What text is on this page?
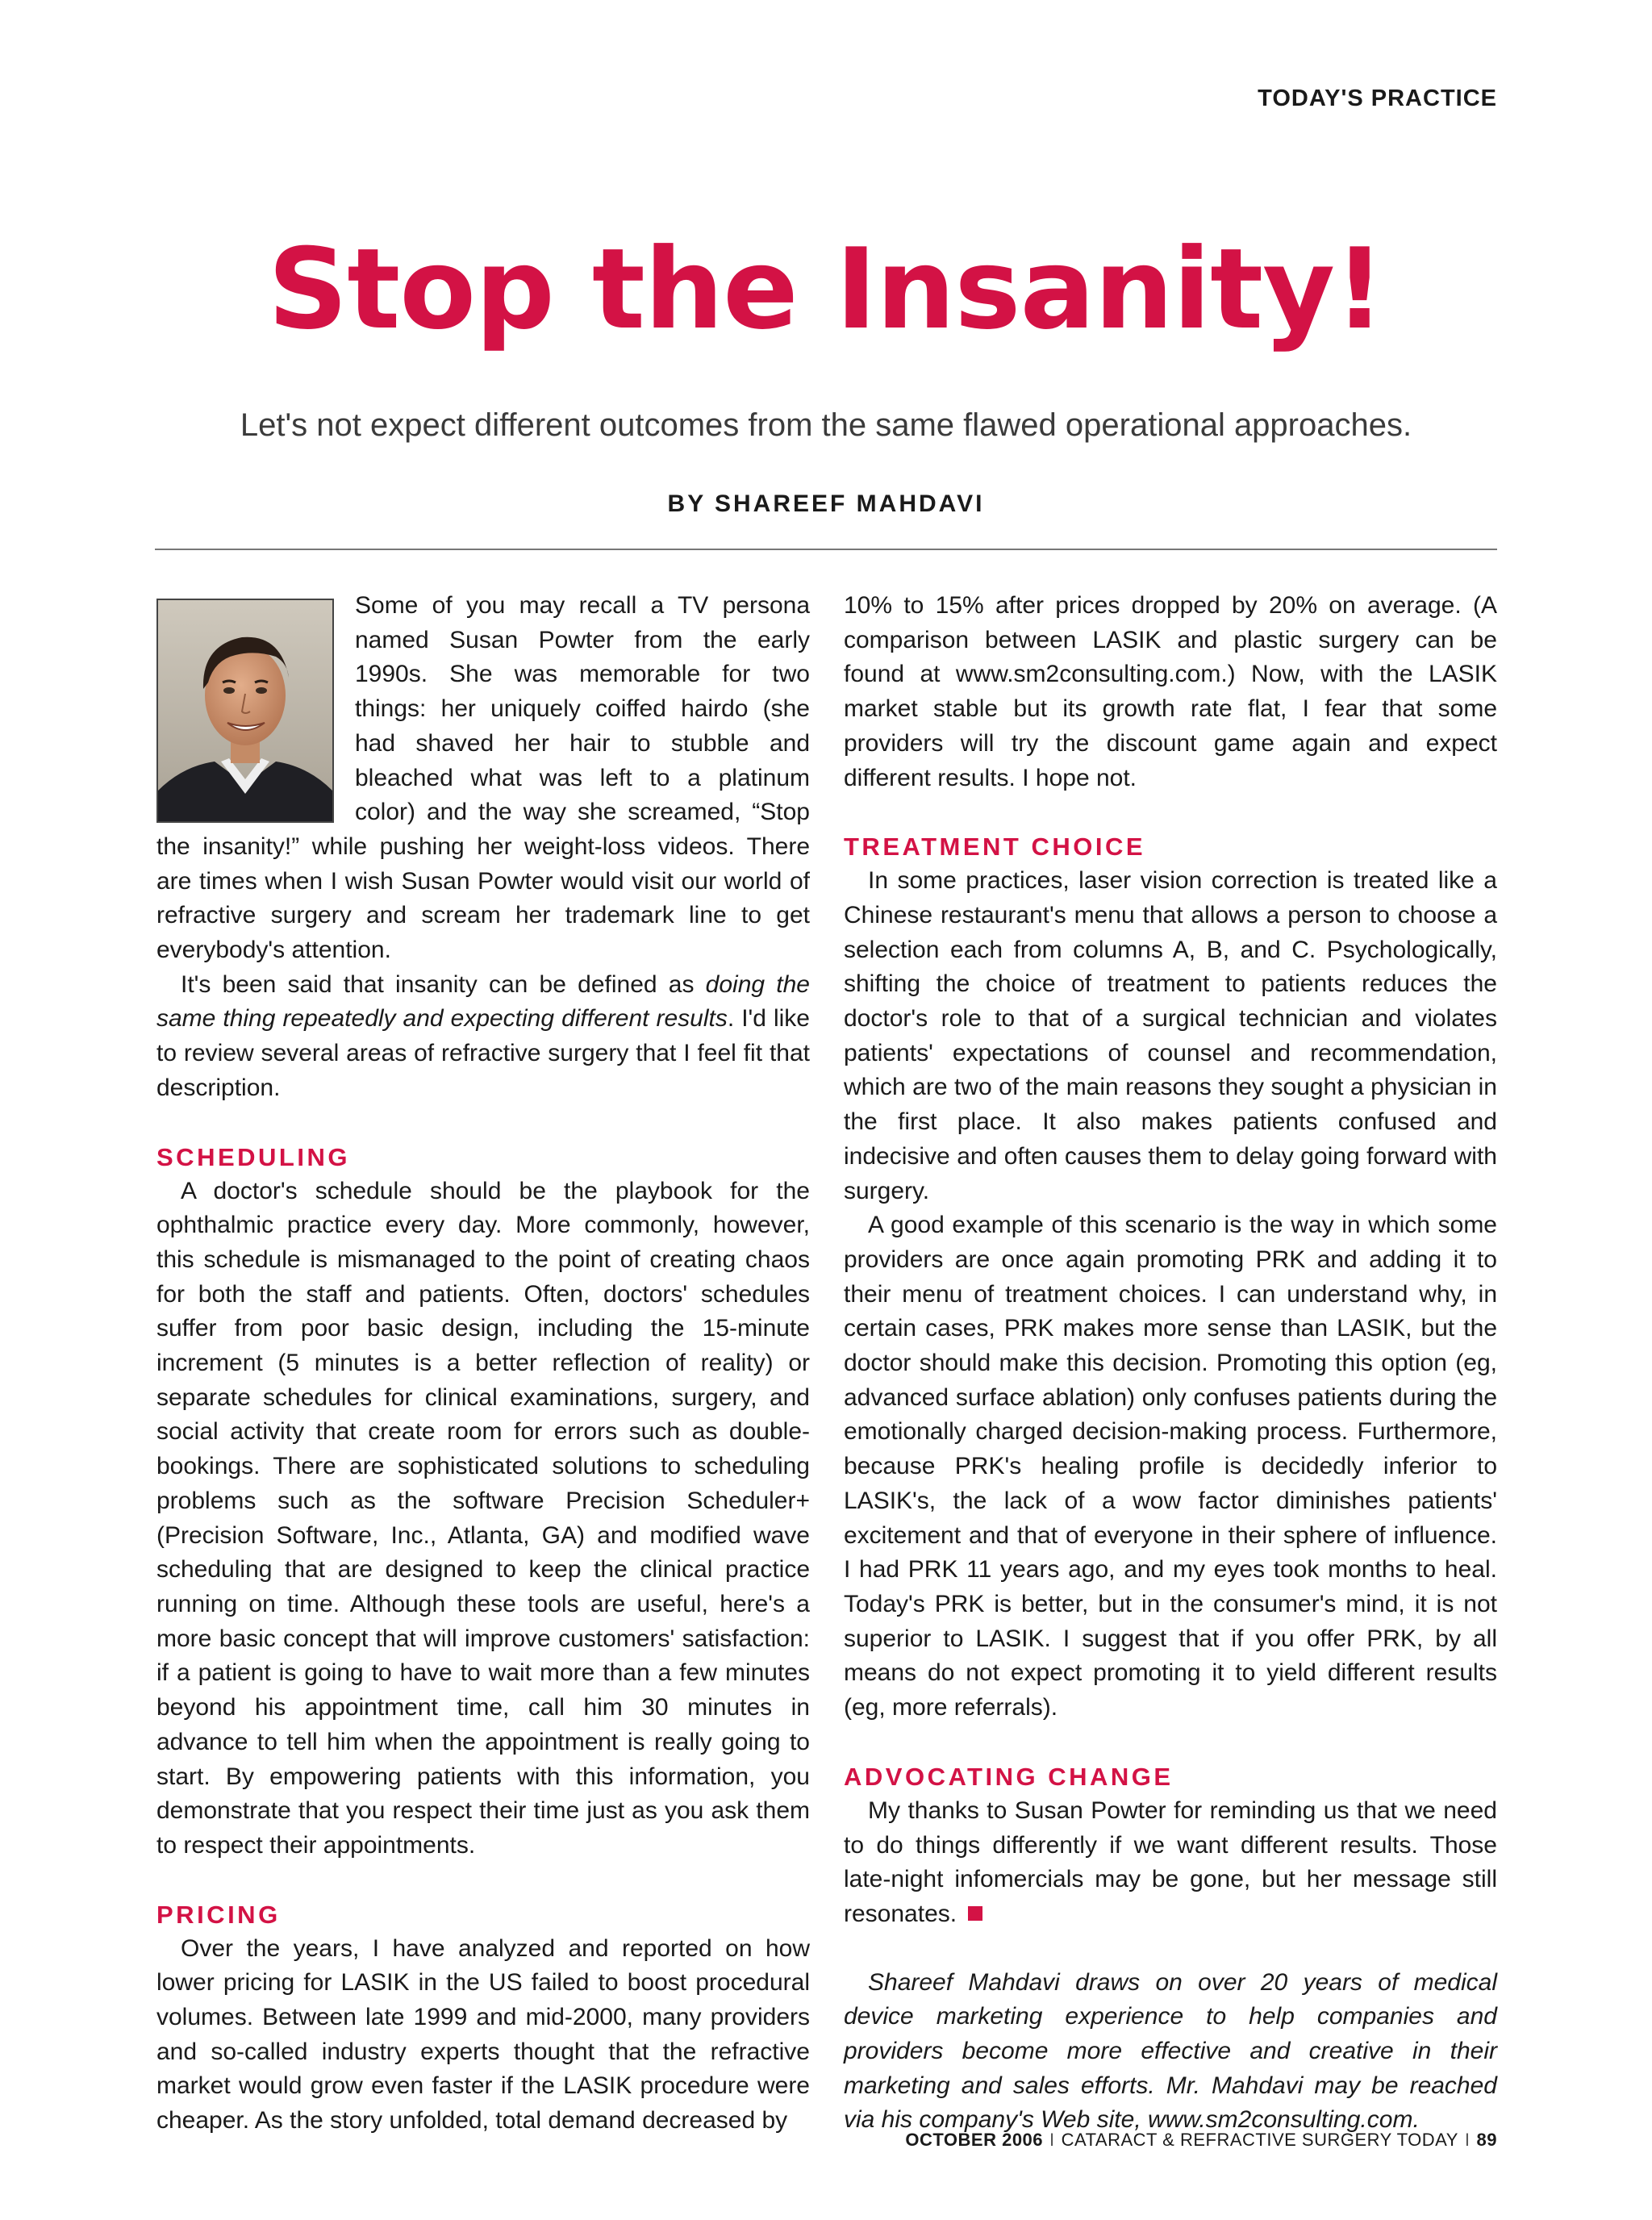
TODAY'S PRACTICE
Stop the Insanity!
Let's not expect different outcomes from the same flawed operational approaches.
BY SHAREEF MAHDAVI

Some of you may recall a TV persona named Susan Powter from the early 1990s. She was memorable for two things: her uniquely coiffed hairdo (she had shaved her hair to stubble and bleached what was left to a platinum color) and the way she screamed, “Stop the insanity!” while pushing her weight-loss videos. There are times when I wish Susan Powter would visit our world of refractive surgery and scream her trademark line to get everybody's attention.

It's been said that insanity can be defined as doing the same thing repeatedly and expecting different results. I'd like to review several areas of refractive surgery that I feel fit that description.

SCHEDULING

A doctor's schedule should be the playbook for the ophthalmic practice every day. More commonly, however, this schedule is mismanaged to the point of creating chaos for both the staff and patients. Often, doctors' schedules suffer from poor basic design, including the 15-minute increment (5 minutes is a better reflection of reality) or separate schedules for clinical examinations, surgery, and social activity that create room for errors such as double-bookings. There are sophisticated solutions to scheduling problems such as the software Precision Scheduler+ (Precision Software, Inc., Atlanta, GA) and modified wave scheduling that are designed to keep the clinical practice running on time. Although these tools are useful, here's a more basic concept that will improve customers' satisfaction: if a patient is going to have to wait more than a few minutes beyond his appointment time, call him 30 minutes in advance to tell him when the appointment is really going to start. By empowering patients with this information, you demonstrate that you respect their time just as you ask them to respect their appointments.

PRICING

Over the years, I have analyzed and reported on how lower pricing for LASIK in the US failed to boost procedural volumes. Between late 1999 and mid-2000, many providers and so-called industry experts thought that the refractive market would grow even faster if the LASIK procedure were cheaper. As the story unfolded, total demand decreased by

10% to 15% after prices dropped by 20% on average. (A comparison between LASIK and plastic surgery can be found at www.sm2consulting.com.) Now, with the LASIK market stable but its growth rate flat, I fear that some providers will try the discount game again and expect different results. I hope not.

TREATMENT CHOICE

In some practices, laser vision correction is treated like a Chinese restaurant's menu that allows a person to choose a selection each from columns A, B, and C. Psychologically, shifting the choice of treatment to patients reduces the doctor's role to that of a surgical technician and violates patients' expectations of counsel and recommendation, which are two of the main reasons they sought a physician in the first place. It also makes patients confused and indecisive and often causes them to delay going forward with surgery.

A good example of this scenario is the way in which some providers are once again promoting PRK and adding it to their menu of treatment choices. I can understand why, in certain cases, PRK makes more sense than LASIK, but the doctor should make this decision. Promoting this option (eg, advanced surface ablation) only confuses patients during the emotionally charged decision-making process. Furthermore, because PRK's healing profile is decidedly inferior to LASIK's, the lack of a wow factor diminishes patients' excitement and that of everyone in their sphere of influence. I had PRK 11 years ago, and my eyes took months to heal. Today's PRK is better, but in the consumer's mind, it is not superior to LASIK. I suggest that if you offer PRK, by all means do not expect promoting it to yield different results (eg, more referrals).

ADVOCATING CHANGE

My thanks to Susan Powter for reminding us that we need to do things differently if we want different results. Those late-night infomercials may be gone, but her message still resonates.

Shareef Mahdavi draws on over 20 years of medical device marketing experience to help companies and providers become more effective and creative in their marketing and sales efforts. Mr. Mahdavi may be reached via his company's Web site, www.sm2consulting.com.

OCTOBER 2006 I CATARACT & REFRACTIVE SURGERY TODAY I 89
